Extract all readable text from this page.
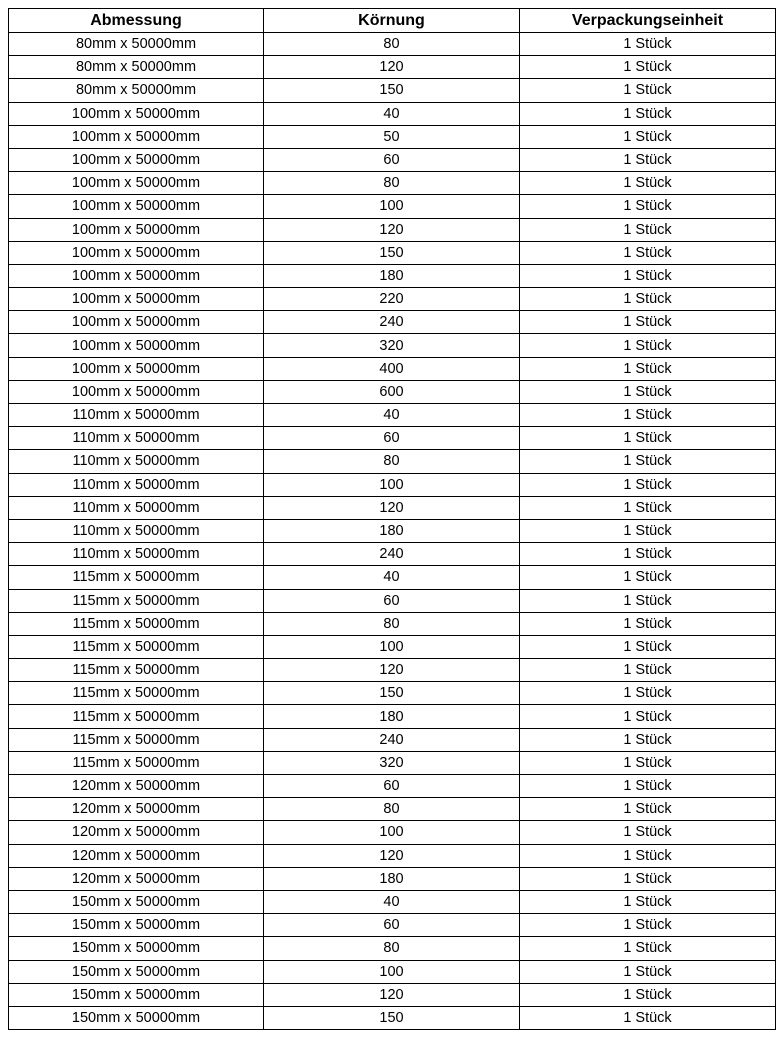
Abmessung	Körnung	Verpackungseinheit
80mm x 50000mm	80	1 Stück
80mm x 50000mm	120	1 Stück
80mm x 50000mm	150	1 Stück
100mm x 50000mm	40	1 Stück
100mm x 50000mm	50	1 Stück
100mm x 50000mm	60	1 Stück
100mm x 50000mm	80	1 Stück
100mm x 50000mm	100	1 Stück
100mm x 50000mm	120	1 Stück
100mm x 50000mm	150	1 Stück
100mm x 50000mm	180	1 Stück
100mm x 50000mm	220	1 Stück
100mm x 50000mm	240	1 Stück
100mm x 50000mm	320	1 Stück
100mm x 50000mm	400	1 Stück
100mm x 50000mm	600	1 Stück
110mm x 50000mm	40	1 Stück
110mm x 50000mm	60	1 Stück
110mm x 50000mm	80	1 Stück
110mm x 50000mm	100	1 Stück
110mm x 50000mm	120	1 Stück
110mm x 50000mm	180	1 Stück
110mm x 50000mm	240	1 Stück
115mm x 50000mm	40	1 Stück
115mm x 50000mm	60	1 Stück
115mm x 50000mm	80	1 Stück
115mm x 50000mm	100	1 Stück
115mm x 50000mm	120	1 Stück
115mm x 50000mm	150	1 Stück
115mm x 50000mm	180	1 Stück
115mm x 50000mm	240	1 Stück
115mm x 50000mm	320	1 Stück
120mm x 50000mm	60	1 Stück
120mm x 50000mm	80	1 Stück
120mm x 50000mm	100	1 Stück
120mm x 50000mm	120	1 Stück
120mm x 50000mm	180	1 Stück
150mm x 50000mm	40	1 Stück
150mm x 50000mm	60	1 Stück
150mm x 50000mm	80	1 Stück
150mm x 50000mm	100	1 Stück
150mm x 50000mm	120	1 Stück
150mm x 50000mm	150	1 Stück
